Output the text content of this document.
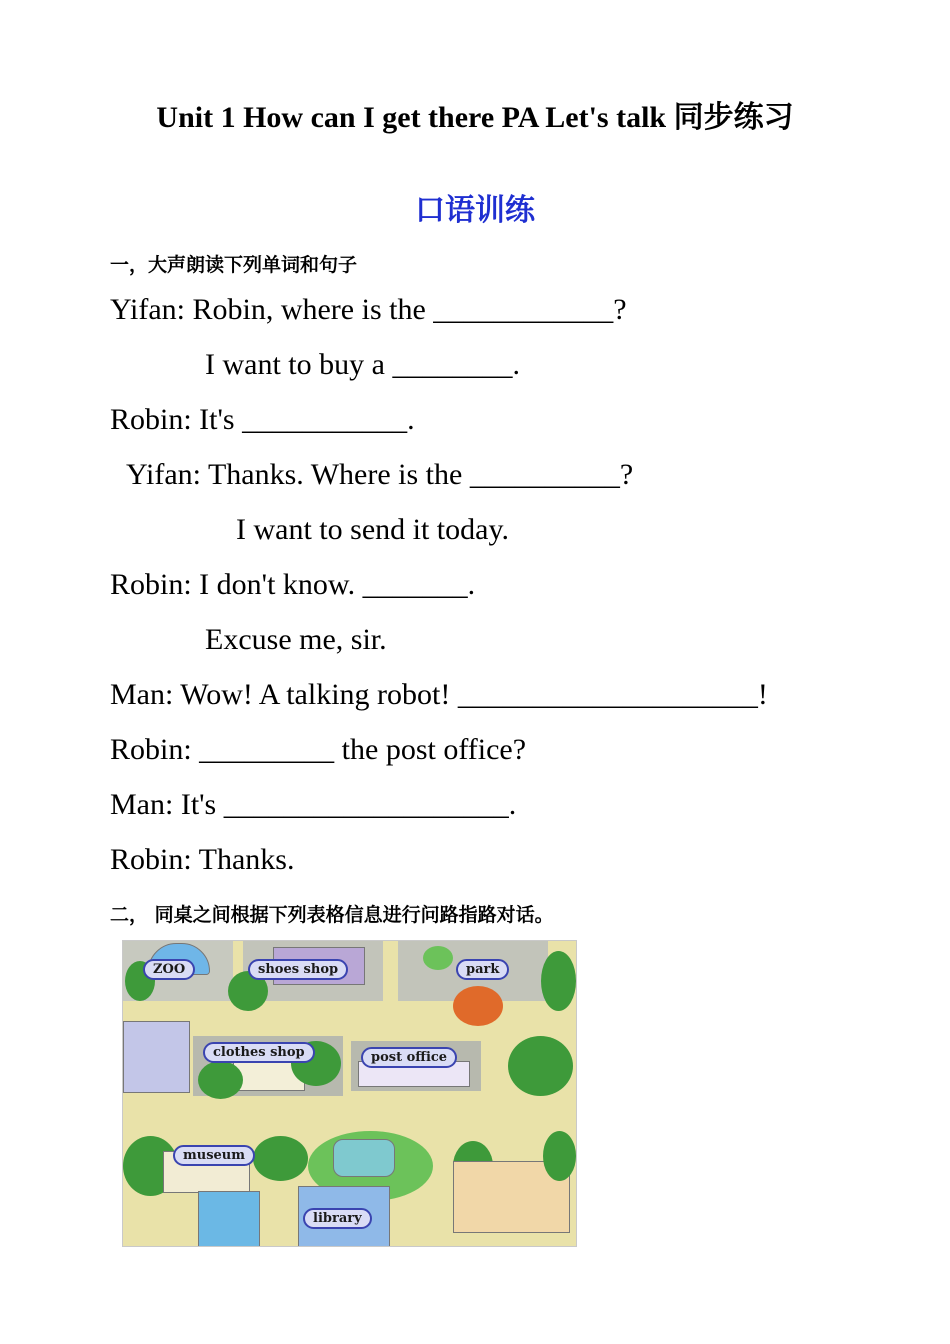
Unit 1 How can I get there PA Let's talk 同步练习
口语训练
一，大声朗读下列单词和句子
Yifan: Robin, where is the ____________?
I want to buy a ________.
Robin: It's ___________.
Yifan: Thanks. Where is the __________?
I want to send it today.
Robin: I don't know. _______.
Excuse me, sir.
Man: Wow! A talking robot! ____________________!
Robin: _________ the post office?
Man: It's ___________________.
Robin: Thanks.
二， 同桌之间根据下列表格信息进行问路指路对话。
ZOO	shoes shop	park
clothes shop	post office
museum
library
